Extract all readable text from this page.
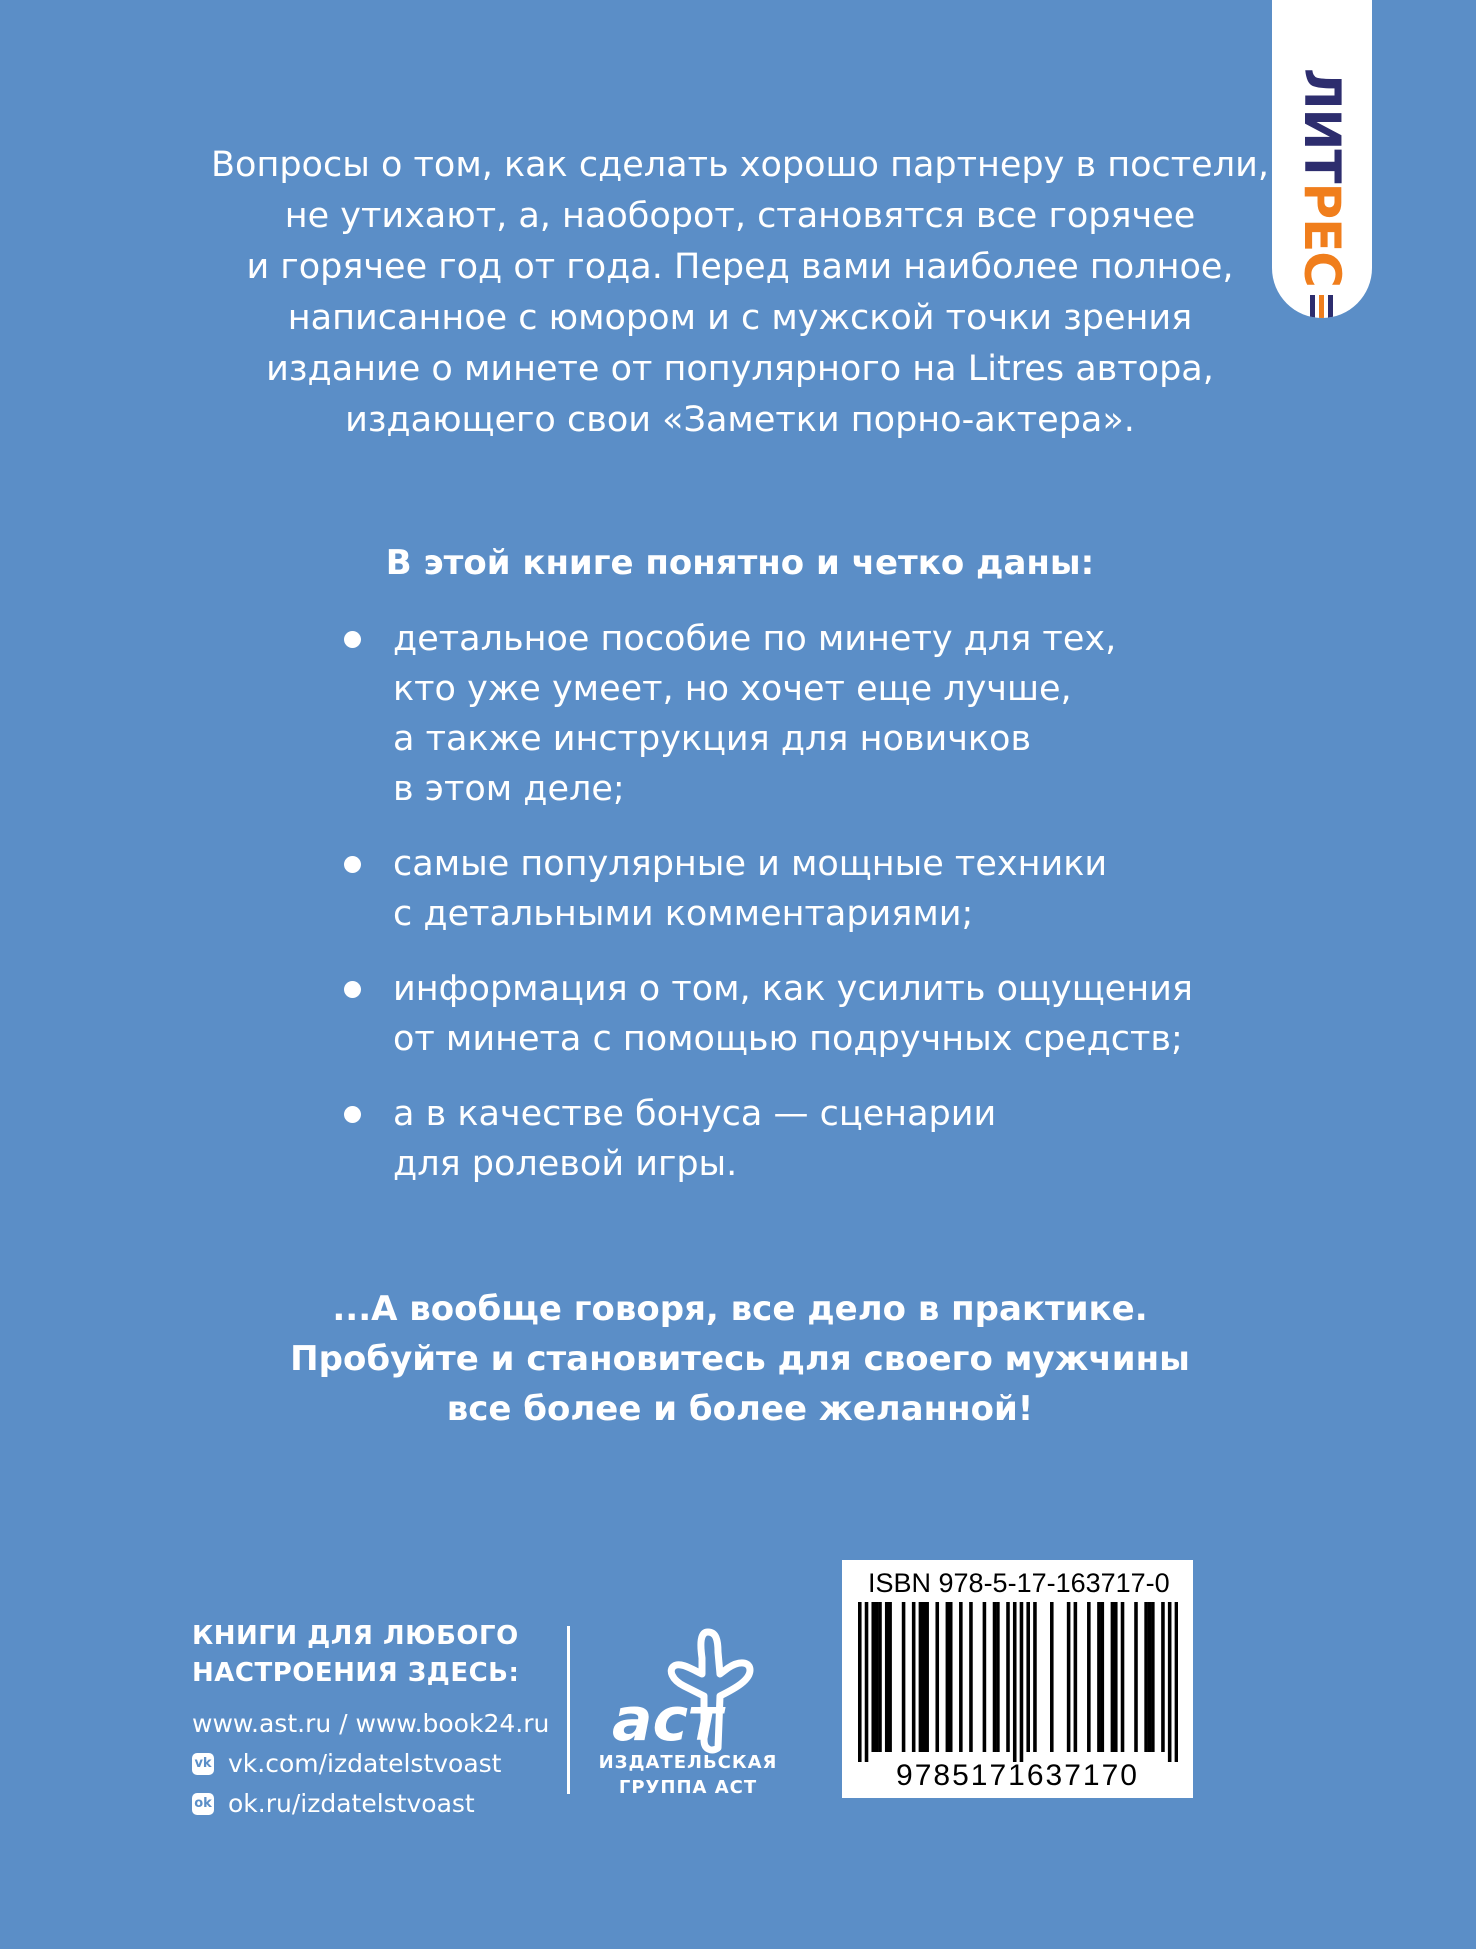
ЛИТ
РЕС

Вопросы о том, как сделать хорошо партнеру в постели,

не утихают, а, наоборот, становятся все горячее

и горячее год от года. Перед вами наиболее полное,

написанное с юмором и с мужской точки зрения

издание о минете от популярного на Litres автора,

издающего свои «Заметки порно-актера».

В этой книге понятно и четко даны:
детальное пособие по минету для тех,
кто уже умеет, но хочет еще лучше,
а также инструкция для новичков
в этом деле;
самые популярные и мощные техники
с детальными комментариями;
информация о том, как усилить ощущения
от минета с помощью подручных средств;
а в качестве бонуса — сценарии
для ролевой игры.

...А вообще говоря, все дело в практике.

Пробуйте и становитесь для своего мужчины

все более и более желанной!

КНИГИ ДЛЯ ЛЮБОГО
НАСТРОЕНИЯ ЗДЕСЬ:
www.ast.ru / www.book24.ru
vk vk.com/izdatelstvoast
ok ok.ru/izdatelstvoast
аст
ИЗДАТЕЛЬСКАЯ
ГРУППА АСТ
ISBN 978-5-17-163717-0
9785171637170
